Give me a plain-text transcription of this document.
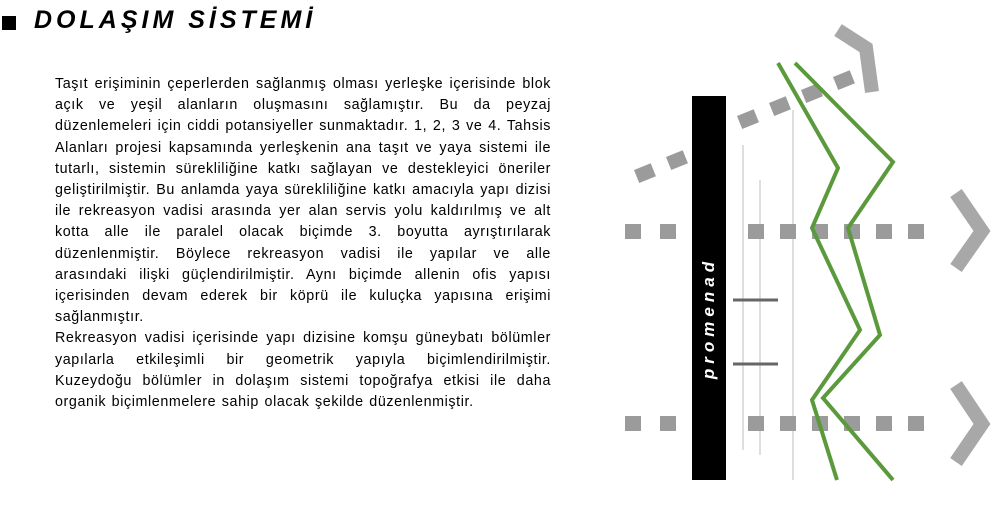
DOLAŞIM SİSTEMİ

Taşıt erişiminin çeperlerden sağlanmış olması yerleşke içerisinde blok açık ve yeşil alanların oluşmasını sağlamıştır. Bu da peyzaj düzenlemeleri için ciddi potansiyeller sunmaktadır. 1, 2, 3 ve 4. Tahsis Alanları projesi kapsamında yerleşkenin ana taşıt ve yaya sistemi ile tutarlı, sistemin sürekliliğine katkı sağlayan ve destekleyici öneriler geliştirilmiştir. Bu anlamda yaya sürekliliğine katkı amacıyla yapı dizisi ile rekreasyon vadisi arasında yer alan servis yolu kaldırılmış ve alt kotta alle ile paralel olacak biçimde 3. boyutta ayrıştırılarak düzenlenmiştir. Böylece rekreasyon vadisi ile yapılar ve alle arasındaki ilişki güçlendirilmiştir. Aynı biçimde allenin ofis yapısı içerisinden devam ederek bir köprü ile kuluçka yapısına erişimi sağlanmıştır.

Rekreasyon vadisi içerisinde yapı dizisine komşu güneybatı bölümler yapılarla etkileşimli bir geometrik yapıyla biçimlendirilmiştir. Kuzeydoğu bölümler in dolaşım sistemi topoğrafya etkisi ile daha organik biçimlenmelere sahip olacak şekilde düzenlenmiştir.

promenad
